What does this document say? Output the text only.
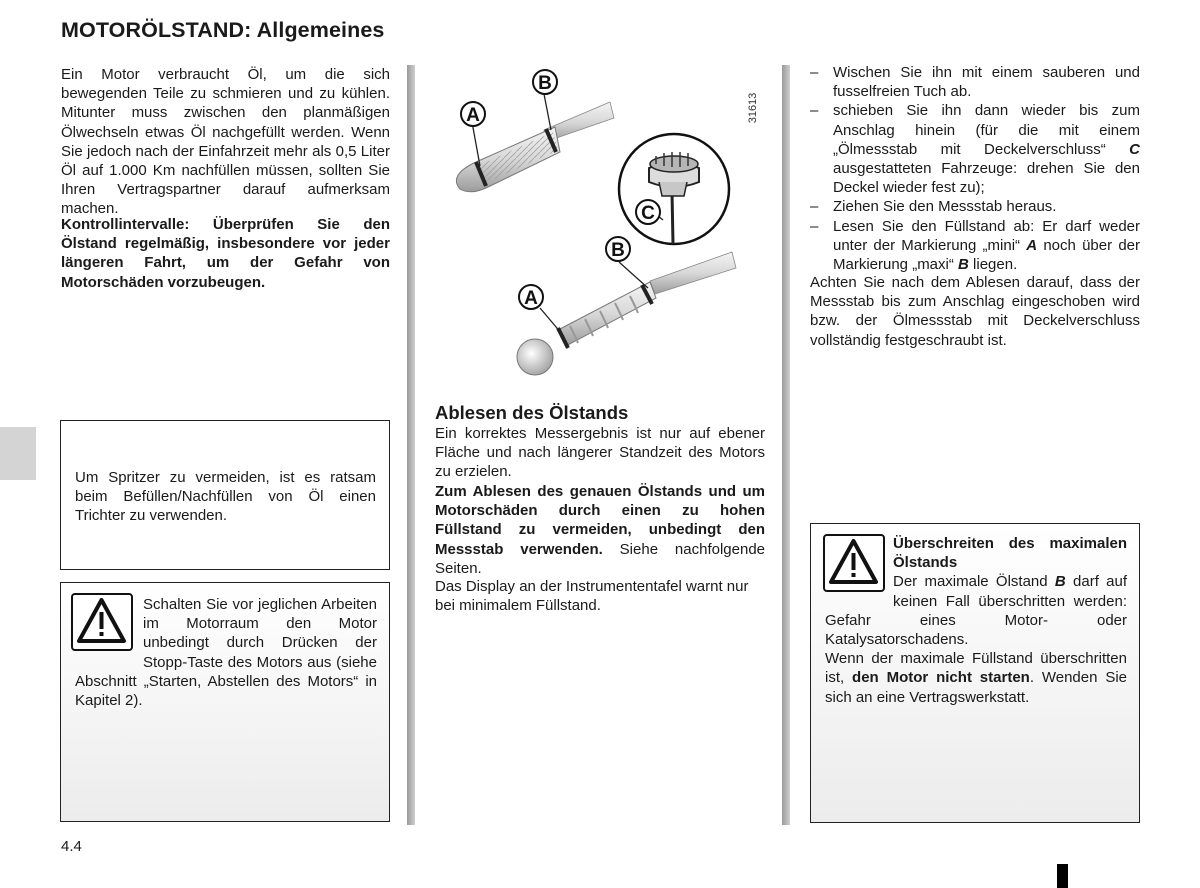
MOTORÖLSTAND: Allgemeines

Ein Motor verbraucht Öl, um die sich bewegenden Teile zu schmieren und zu kühlen. Mitunter muss zwischen den planmäßigen Ölwechseln etwas Öl nachgefüllt werden. Wenn Sie jedoch nach der Einfahrzeit mehr als 0,5 Liter Öl auf 1.000 Km nachfüllen müssen, sollten Sie Ihren Vertragspartner darauf aufmerksam machen.

Kontrollintervalle: Überprüfen Sie den Ölstand regelmäßig, insbesondere vor jeder längeren Fahrt, um der Gefahr von Motorschäden vorzubeugen.

Um Spritzer zu vermeiden, ist es ratsam beim Befüllen/Nachfüllen von Öl einen Trichter zu verwenden.

Schalten Sie vor jeglichen Arbeiten im Motorraum den Motor unbedingt durch Drücken der Stopp-Taste des Motors aus (siehe Abschnitt „Starten, Abstellen des Motors“ in Kapitel 2).

A
B
C
B
A
31613
Ablesen des Ölstands

Ein korrektes Messergebnis ist nur auf ebener Fläche und nach längerer Standzeit des Motors zu erzielen.

Zum Ablesen des genauen Ölstands und um Motorschäden durch einen zu hohen Füllstand zu vermeiden, unbedingt den Messstab verwenden. Siehe nachfolgende Seiten.

Das Display an der Instrumententafel warnt nur bei minimalem Füllstand.

– Wischen Sie ihn mit einem sauberen und fusselfreien Tuch ab.
– schieben Sie ihn dann wieder bis zum Anschlag hinein (für die mit einem „Ölmessstab mit Deckelverschluss“ C ausgestatteten Fahrzeuge: drehen Sie den Deckel wieder fest zu);
– Ziehen Sie den Messstab heraus.
– Lesen Sie den Füllstand ab: Er darf weder unter der Markierung „mini“ A noch über der Markierung „maxi“ B liegen.

Achten Sie nach dem Ablesen darauf, dass der Messstab bis zum Anschlag eingeschoben wird bzw. der Ölmessstab mit Deckelverschluss vollständig festgeschraubt ist.

Überschreiten des maximalen Ölstands
Der maximale Ölstand B darf auf keinen Fall überschritten werden: Gefahr eines Motor- oder Katalysatorschadens.
Wenn der maximale Füllstand überschritten ist, den Motor nicht starten. Wenden Sie sich an eine Vertragswerkstatt.

4.4
